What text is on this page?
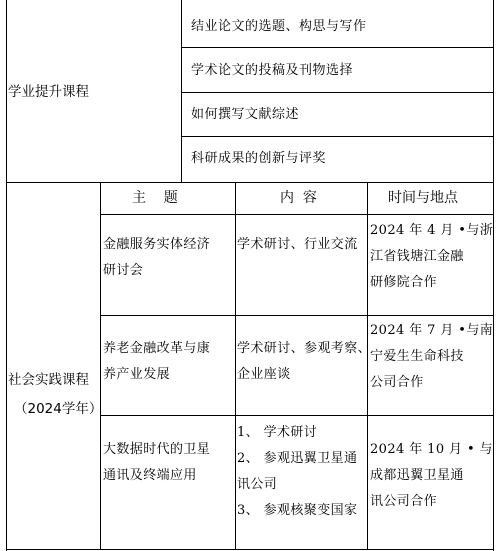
学业提升课程
结业论文的选题、构思与写作
学术论文的投稿及刊物选择
如何撰写文献综述
科研成果的创新与评奖
社会实践课程
（2024学年）
主    题	内  容	时间与地点
金融服务实体经济
研讨会
学术研讨、行业交流
2024 年 4 月 •与浙
江省钱塘江金融
研修院合作
养老金融改革与康
养产业发展
学术研讨、参观考察、
企业座谈
2024 年 7 月 •与南
宁爱生生命科技
公司合作
大数据时代的卫星
通讯及终端应用
1、 学术研讨
2、 参观迅翼卫星通
讯公司
3、 参观核聚变国家
2024 年 10 月 • 与
成都迅翼卫星通
讯公司合作
